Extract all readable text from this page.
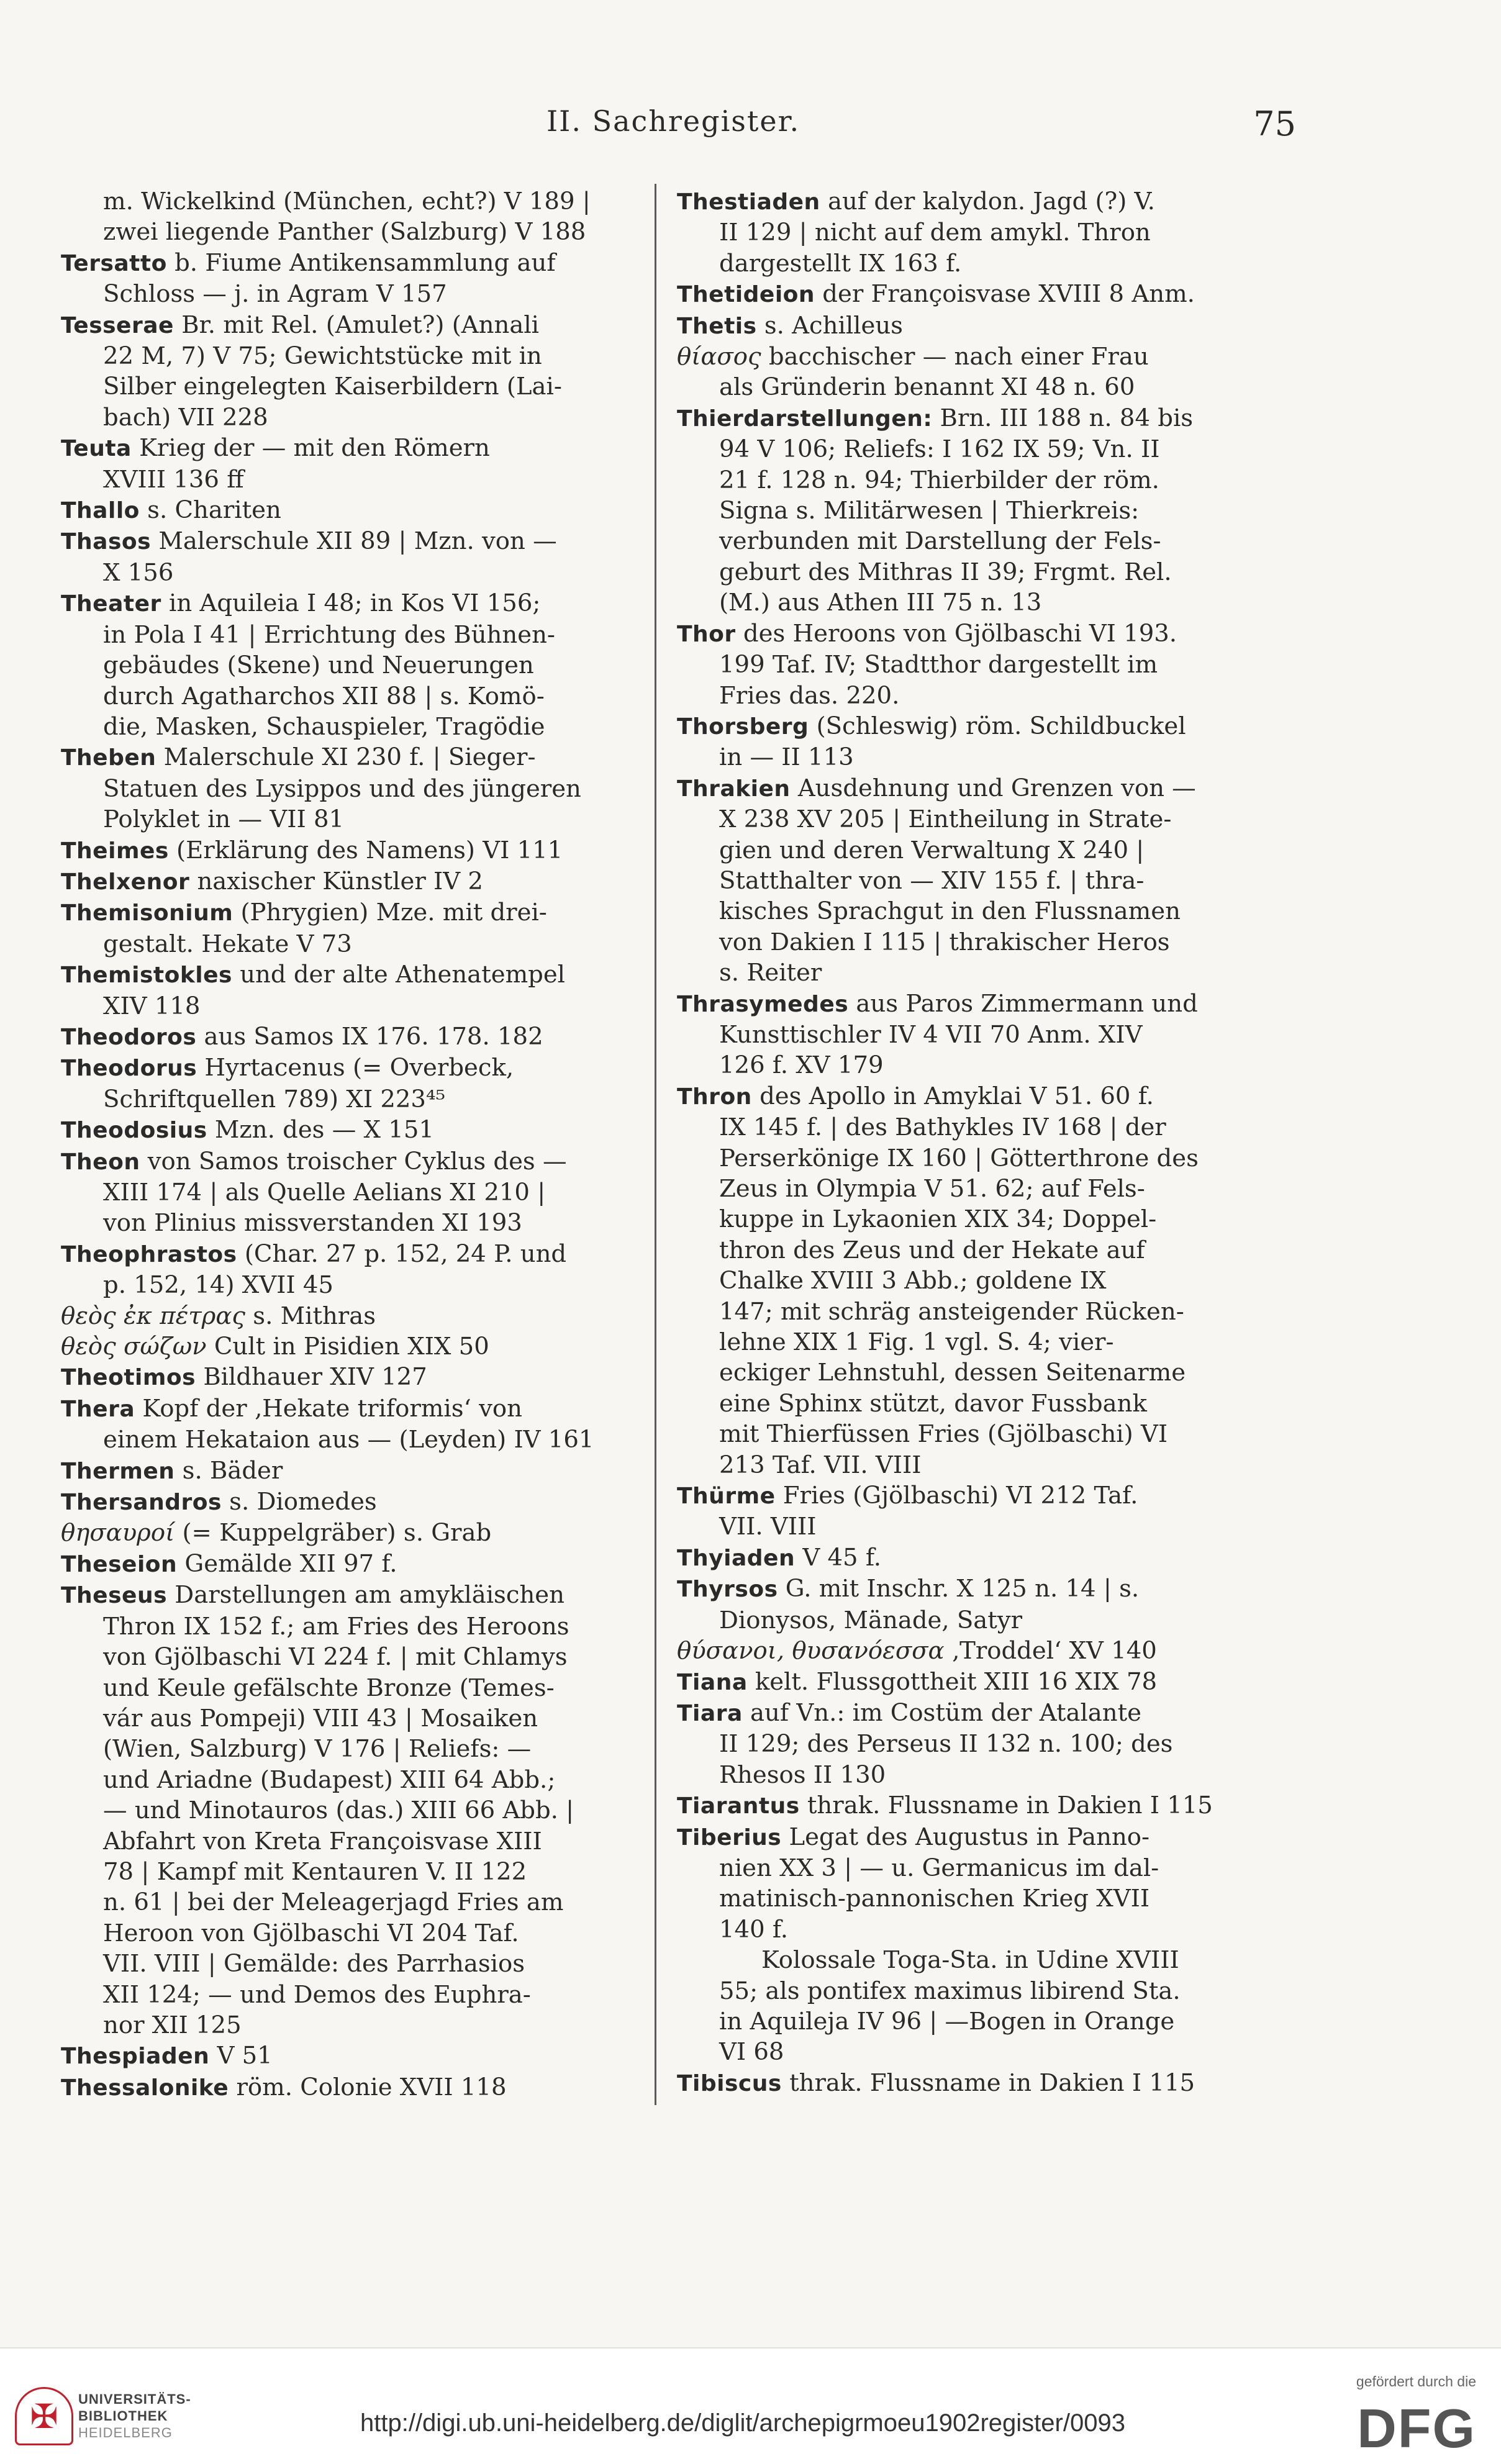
II. Sachregister.	75

m. Wickelkind (München, echt?) V 189 |

zwei liegende Panther (Salzburg) V 188

Tersatto b. Fiume Antikensammlung auf

Schloss — j. in Agram V 157

Tesserae Br. mit Rel. (Amulet?) (Annali

22 M, 7) V 75; Gewichtstücke mit in

Silber eingelegten Kaiserbildern (Lai-

bach) VII 228

Teuta Krieg der — mit den Römern

XVIII 136 ff

Thallo s. Chariten

Thasos Malerschule XII 89 | Mzn. von —

X 156

Theater in Aquileia I 48; in Kos VI 156;

in Pola I 41 | Errichtung des Bühnen-

gebäudes (Skene) und Neuerungen

durch Agatharchos XII 88 | s. Komö-

die, Masken, Schauspieler, Tragödie

Theben Malerschule XI 230 f. | Sieger-

Statuen des Lysippos und des jüngeren

Polyklet in — VII 81

Theimes (Erklärung des Namens) VI 111

Thelxenor naxischer Künstler IV 2

Themisonium (Phrygien) Mze. mit drei-

gestalt. Hekate V 73

Themistokles und der alte Athenatempel

XIV 118

Theodoros aus Samos IX 176. 178. 182

Theodorus Hyrtacenus (= Overbeck,

Schriftquellen 789) XI 223⁴⁵

Theodosius Mzn. des — X 151

Theon von Samos troischer Cyklus des —

XIII 174 | als Quelle Aelians XI 210 |

von Plinius missverstanden XI 193

Theophrastos (Char. 27 p. 152, 24 P. und

p. 152, 14) XVII 45

θεὸς ἐκ πέτρας s. Mithras

θεὸς σώζων Cult in Pisidien XIX 50

Theotimos Bildhauer XIV 127

Thera Kopf der ‚Hekate triformis‘ von

einem Hekataion aus — (Leyden) IV 161

Thermen s. Bäder

Thersandros s. Diomedes

θησαυροί (= Kuppelgräber) s. Grab

Theseion Gemälde XII 97 f.

Theseus Darstellungen am amykläischen

Thron IX 152 f.; am Fries des Heroons

von Gjölbaschi VI 224 f. | mit Chlamys

und Keule gefälschte Bronze (Temes-

vár aus Pompeji) VIII 43 | Mosaiken

(Wien, Salzburg) V 176 | Reliefs: —

und Ariadne (Budapest) XIII 64 Abb.;

— und Minotauros (das.) XIII 66 Abb. |

Abfahrt von Kreta Françoisvase XIII

78 | Kampf mit Kentauren V. II 122

n. 61 | bei der Meleagerjagd Fries am

Heroon von Gjölbaschi VI 204 Taf.

VII. VIII | Gemälde: des Parrhasios

XII 124; — und Demos des Euphra-

nor XII 125

Thespiaden V 51

Thessalonike röm. Colonie XVII 118

Thestiaden auf der kalydon. Jagd (?) V.

II 129 | nicht auf dem amykl. Thron

dargestellt IX 163 f.

Thetideion der Françoisvase XVIII 8 Anm.

Thetis s. Achilleus

θίασος bacchischer — nach einer Frau

als Gründerin benannt XI 48 n. 60

Thierdarstellungen: Brn. III 188 n. 84 bis

94 V 106; Reliefs: I 162 IX 59; Vn. II

21 f. 128 n. 94; Thierbilder der röm.

Signa s. Militärwesen | Thierkreis:

verbunden mit Darstellung der Fels-

geburt des Mithras II 39; Frgmt. Rel.

(M.) aus Athen III 75 n. 13

Thor des Heroons von Gjölbaschi VI 193.

199 Taf. IV; Stadtthor dargestellt im

Fries das. 220.

Thorsberg (Schleswig) röm. Schildbuckel

in — II 113

Thrakien Ausdehnung und Grenzen von —

X 238 XV 205 | Eintheilung in Strate-

gien und deren Verwaltung X 240 |

Statthalter von — XIV 155 f. | thra-

kisches Sprachgut in den Flussnamen

von Dakien I 115 | thrakischer Heros

s. Reiter

Thrasymedes aus Paros Zimmermann und

Kunsttischler IV 4 VII 70 Anm. XIV

126 f. XV 179

Thron des Apollo in Amyklai V 51. 60 f.

IX 145 f. | des Bathykles IV 168 | der

Perserkönige IX 160 | Götterthrone des

Zeus in Olympia V 51. 62; auf Fels-

kuppe in Lykaonien XIX 34; Doppel-

thron des Zeus und der Hekate auf

Chalke XVIII 3 Abb.; goldene IX

147; mit schräg ansteigender Rücken-

lehne XIX 1 Fig. 1 vgl. S. 4; vier-

eckiger Lehnstuhl, dessen Seitenarme

eine Sphinx stützt, davor Fussbank

mit Thierfüssen Fries (Gjölbaschi) VI

213 Taf. VII. VIII

Thürme Fries (Gjölbaschi) VI 212 Taf.

VII. VIII

Thyiaden V 45 f.

Thyrsos G. mit Inschr. X 125 n. 14 | s.

Dionysos, Mänade, Satyr

θύσανοι, θυσανόεσσα ‚Troddel‘ XV 140

Tiana kelt. Flussgottheit XIII 16 XIX 78

Tiara auf Vn.: im Costüm der Atalante

II 129; des Perseus II 132 n. 100; des

Rhesos II 130

Tiarantus thrak. Flussname in Dakien I 115

Tiberius Legat des Augustus in Panno-

nien XX 3 | — u. Germanicus im dal-

matinisch-pannonischen Krieg XVII

140 f.

Kolossale Toga-Sta. in Udine XVIII

55; als pontifex maximus libirend Sta.

in Aquileja IV 96 | —Bogen in Orange

VI 68

Tibiscus thrak. Flussname in Dakien I 115

✠	UNIVERSITÄTS-
BIBLIOTHEK
HEIDELBERG	http://digi.ub.uni-heidelberg.de/diglit/archepigrmoeu1902register/0093
gefördert durch die
DFG
